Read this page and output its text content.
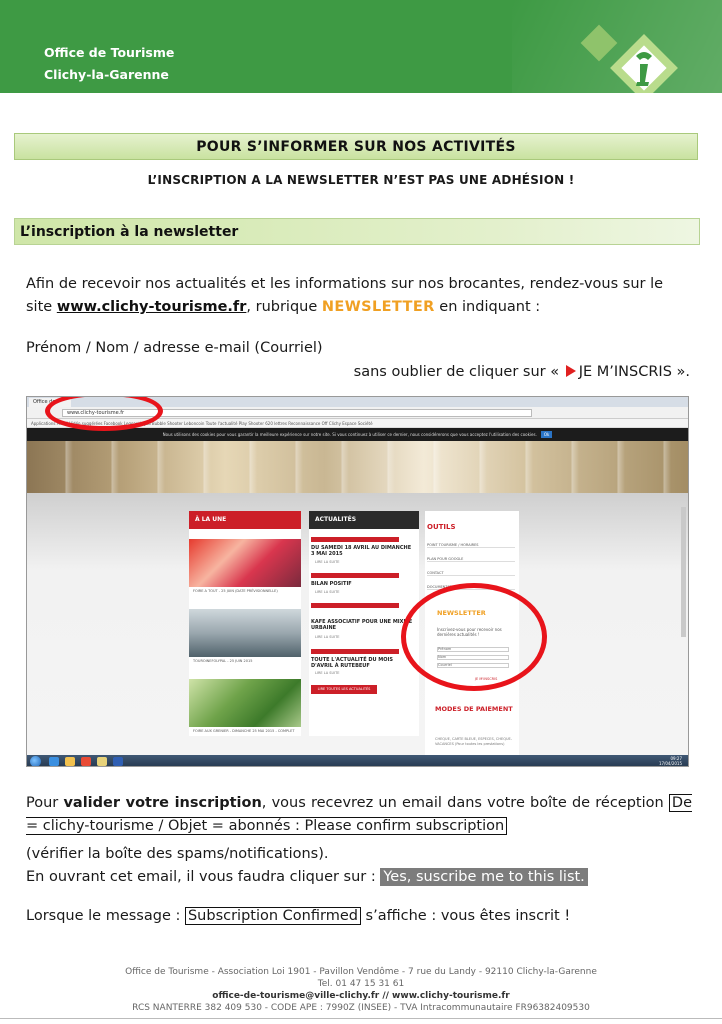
Office de Tourisme
Clichy-la-Garenne
POUR S’INFORMER SUR NOS ACTIVITÉS
L’INSCRIPTION A LA NEWSLETTER N’EST PAS UNE ADHÉSION !
L’inscription à la newsletter
Afin de recevoir nos actualités et les informations sur nos brocantes, rendez-vous sur le site www.clichy-tourisme.fr, rubrique NEWSLETTER en indiquant :
Prénom / Nom / adresse e-mail (Courriel)
sans oublier de cliquer sur « JE M’INSCRIS ».
Office de
www.clichy-tourisme.fr
Applications Ameli Vidéo suggérées Facebook Legoantis Jeu Bubble Shooter Leboncoin Toute l'actualité Play Shooter 620 lettres Reconnaissance Off Clichy Espace Société
Nous utilisons des cookies pour vous garantir la meilleure expérience sur notre site. Si vous continuez à utiliser ce dernier, nous considérerons que vous acceptez l'utilisation des cookies. Ok
À LA UNE	ACTUALITÉS
FOIRE A TOUT - 25 JUIN (DATE PRÉVISIONNELLE)
TOUROINEFOLYPAL - 25 JUIN 2015
FOIRE AUX GRENIER - DIMANCHE 25 MAI 2015 - COMPLET
DU SAMEDI 18 AVRIL AU DIMANCHE 3 MAI 2015
LIRE LA SUITE
BILAN POSITIF
LIRE LA SUITE
KAFE ASSOCIATIF POUR UNE MIXITÉ URBAINE
LIRE LA SUITE
TOUTE L'ACTUALITÉ DU MOIS D'AVRIL À RUTEBEUF
LIRE LA SUITE
LIRE TOUTES LES ACTUALITÉS
OUTILS
POINT TOURISME / HORAIRES
PLAN POUR GOOGLE
CONTACT
DOCUMENTATION
NEWSLETTER
Inscrivez-vous pour recevoir nos dernières actualités !
Prénom
Nom
Courriel
JE M'INSCRIS
MODES DE PAIEMENT
CHEQUE, CARTE BLEUE, ESPECES, CHEQUE-VACANCES (Pour toutes les prestations)
09:27
17/04/2015
Pour valider votre inscription, vous recevrez un email dans votre boîte de réception De = clichy-tourisme / Objet = abonnés : Please confirm subscription
(vérifier la boîte des spams/notifications).
En ouvrant cet email, il vous faudra cliquer sur : Yes, suscribe me to this list.
Lorsque le message : Subscription Confirmed s’affiche : vous êtes inscrit !
Office de Tourisme - Association Loi 1901 - Pavillon Vendôme - 7 rue du Landy - 92110 Clichy-la-Garenne
Tel. 01 47 15 31 61
office-de-tourisme@ville-clichy.fr // www.clichy-tourisme.fr
RCS NANTERRE 382 409 530 - CODE APE : 7990Z (INSEE) - TVA Intracommunautaire FR96382409530
